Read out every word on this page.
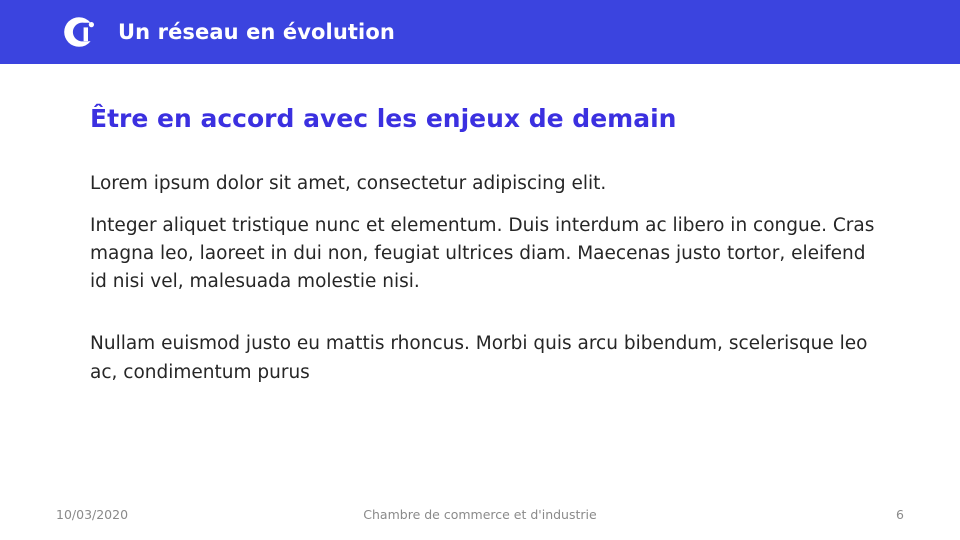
Un réseau en évolution
Être en accord avec les enjeux de demain

Lorem ipsum dolor sit amet, consectetur adipiscing elit.

Integer aliquet tristique nunc et elementum. Duis interdum ac libero in congue. Cras magna leo, laoreet in dui non, feugiat ultrices diam. Maecenas justo tortor, eleifend id nisi vel, malesuada molestie nisi.

Nullam euismod justo eu mattis rhoncus. Morbi quis arcu bibendum, scelerisque leo ac, condimentum purus

10/03/2020	Chambre de commerce et d'industrie	6
